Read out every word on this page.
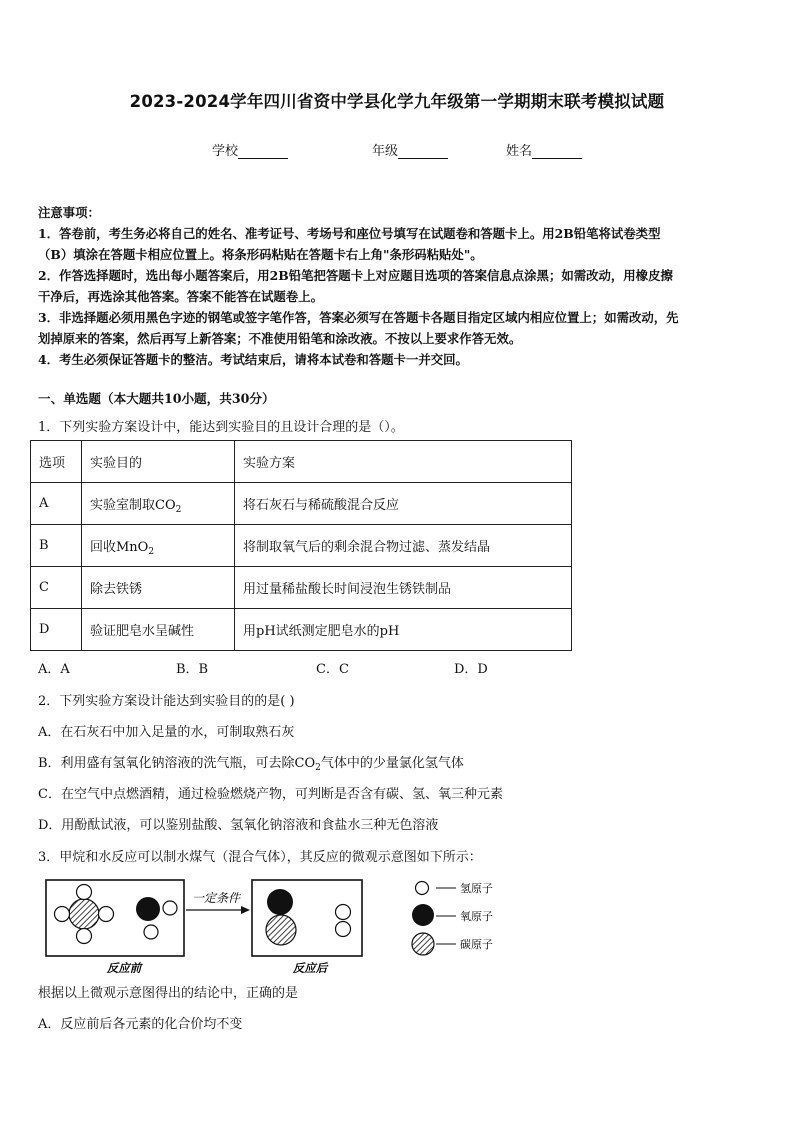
2023-2024学年四川省资中学县化学九年级第一学期期末联考模拟试题
学校	年级	姓名

注意事项：

1．答卷前，考生务必将自己的姓名、准考证号、考场号和座位号填写在试题卷和答题卡上。用2B铅笔将试卷类型

（B）填涂在答题卡相应位置上。将条形码粘贴在答题卡右上角"条形码粘贴处"。

2．作答选择题时，选出每小题答案后，用2B铅笔把答题卡上对应题目选项的答案信息点涂黑；如需改动，用橡皮擦

干净后，再选涂其他答案。答案不能答在试题卷上。

3．非选择题必须用黑色字迹的钢笔或签字笔作答，答案必须写在答题卡各题目指定区域内相应位置上；如需改动，先

划掉原来的答案，然后再写上新答案；不准使用铅笔和涂改液。不按以上要求作答无效。

4．考生必须保证答题卡的整洁。考试结束后，请将本试卷和答题卡一并交回。

一、单选题（本大题共10小题，共30分）
1．下列实验方案设计中，能达到实验目的且设计合理的是（）。
选项	实验目的	实验方案
A	实验室制取$CO_2$	将石灰石与稀硫酸混合反应
B	回收MnO$_2$	将制取氧气后的剩余混合物过滤、蒸发结晶
C	除去铁锈	用过量稀盐酸长时间浸泡生锈铁制品
D	验证肥皂水呈碱性	用pH试纸测定肥皂水的pH
A．A	B．B	C．C	D．D
2．下列实验方案设计能达到实验目的的是( )
A．在石灰石中加入足量的水，可制取熟石灰
B．利用盛有氢氧化钠溶液的洗气瓶，可去除$CO_2$气体中的少量氯化氢气体
C．在空气中点燃酒精，通过检验燃烧产物，可判断是否含有碳、氢、氧三种元素
D．用酚酞试液，可以鉴别盐酸、氢氧化钠溶液和食盐水三种无色溶液
3．甲烷和水反应可以制水煤气（混合气体），其反应的微观示意图如下所示：
一定条件
反应前	反应后
氢原子
氧原子
碳原子
根据以上微观示意图得出的结论中，正确的是
A．反应前后各元素的化合价均不变
